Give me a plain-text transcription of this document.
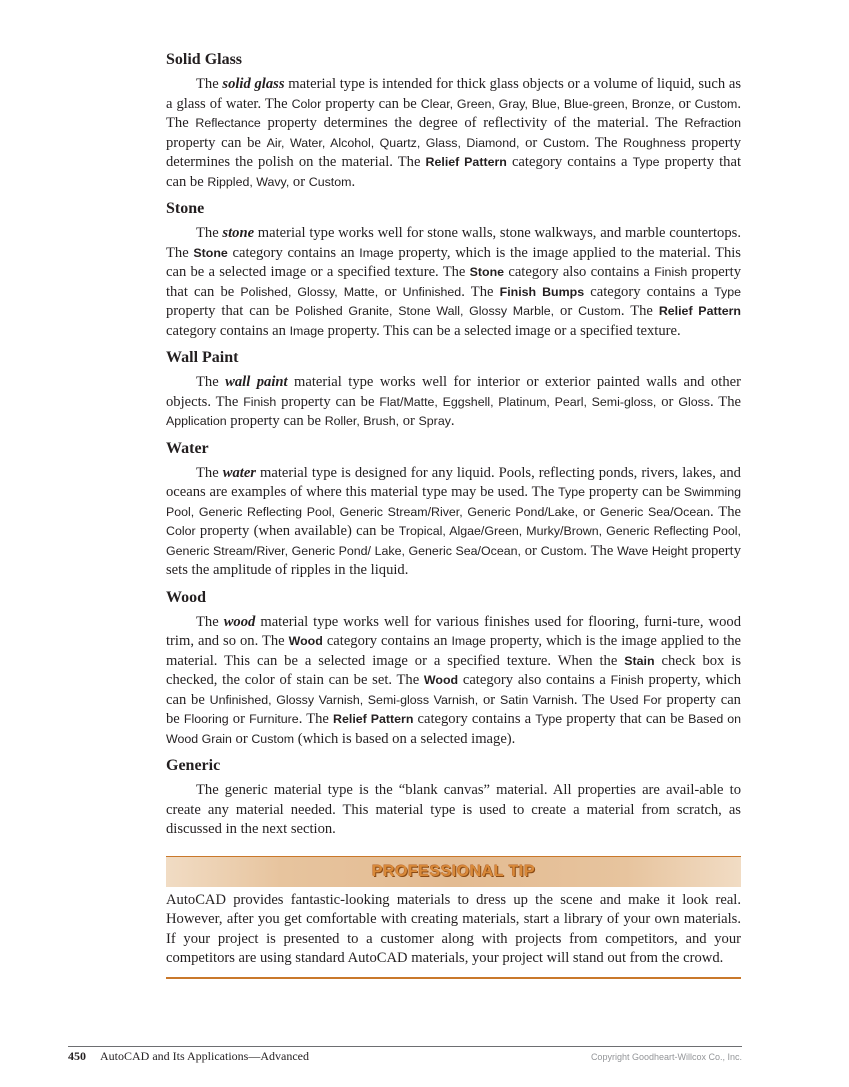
Solid Glass

The solid glass material type is intended for thick glass objects or a volume of liquid, such as a glass of water. The Color property can be Clear, Green, Gray, Blue, Blue-green, Bronze, or Custom. The Reflectance property determines the degree of reflectivity of the material. The Refraction property can be Air, Water, Alcohol, Quartz, Glass, Diamond, or Custom. The Roughness property determines the polish on the material. The Relief Pattern category contains a Type property that can be Rippled, Wavy, or Custom.

Stone

The stone material type works well for stone walls, stone walkways, and marble countertops. The Stone category contains an Image property, which is the image applied to the material. This can be a selected image or a specified texture. The Stone category also contains a Finish property that can be Polished, Glossy, Matte, or Unfinished. The Finish Bumps category contains a Type property that can be Polished Granite, Stone Wall, Glossy Marble, or Custom. The Relief Pattern category contains an Image property. This can be a selected image or a specified texture.

Wall Paint

The wall paint material type works well for interior or exterior painted walls and other objects. The Finish property can be Flat/Matte, Eggshell, Platinum, Pearl, Semi-gloss, or Gloss. The Application property can be Roller, Brush, or Spray.

Water

The water material type is designed for any liquid. Pools, reflecting ponds, rivers, lakes, and oceans are examples of where this material type may be used. The Type property can be Swimming Pool, Generic Reflecting Pool, Generic Stream/River, Generic Pond/Lake, or Generic Sea/Ocean. The Color property (when available) can be Tropical, Algae/Green, Murky/Brown, Generic Reflecting Pool, Generic Stream/River, Generic Pond/ Lake, Generic Sea/Ocean, or Custom. The Wave Height property sets the amplitude of ripples in the liquid.

Wood

The wood material type works well for various finishes used for flooring, furni-ture, wood trim, and so on. The Wood category contains an Image property, which is the image applied to the material. This can be a selected image or a specified texture. When the Stain check box is checked, the color of stain can be set. The Wood category also contains a Finish property, which can be Unfinished, Glossy Varnish, Semi-gloss Varnish, or Satin Varnish. The Used For property can be Flooring or Furniture. The Relief Pattern category contains a Type property that can be Based on Wood Grain or Custom (which is based on a selected image).

Generic

The generic material type is the “blank canvas” material. All properties are avail-able to create any material needed. This material type is used to create a material from scratch, as discussed in the next section.

PROFESSIONAL TIP

AutoCAD provides fantastic-looking materials to dress up the scene and make it look real. However, after you get comfortable with creating materials, start a library of your own materials. If your project is presented to a customer along with projects from competitors, and your competitors are using standard AutoCAD materials, your project will stand out from the crowd.

450 AutoCAD and Its Applications—Advanced	Copyright Goodheart-Willcox Co., Inc.
